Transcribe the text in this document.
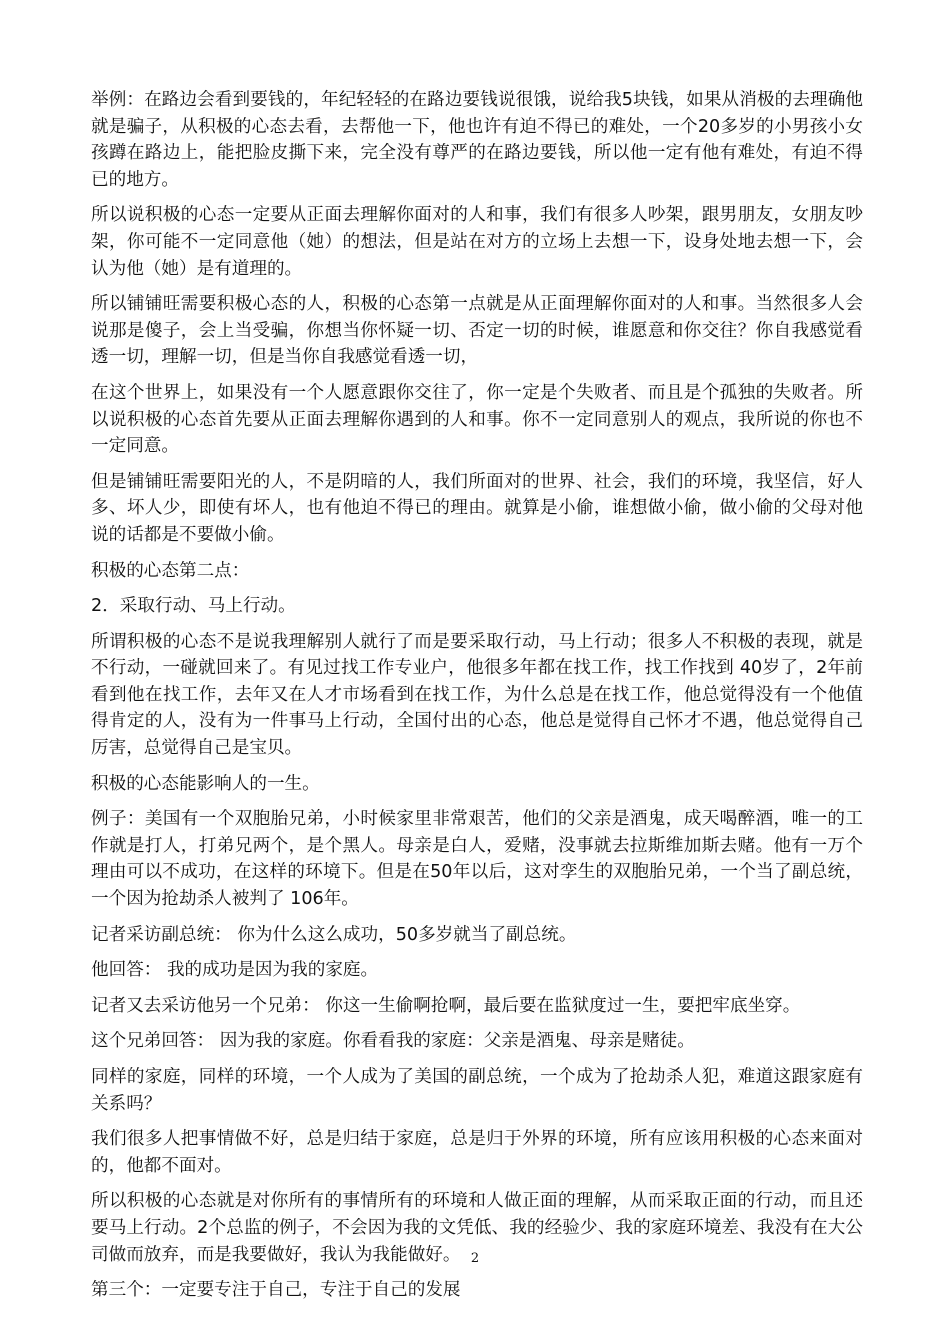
举例：在路边会看到要钱的，年纪轻轻的在路边要钱说很饿，说给我5块钱，如果从消极的去理确他就是骗子，从积极的心态去看，去帮他一下，他也许有迫不得已的难处，一个20多岁的小男孩小女孩蹲在路边上，能把脸皮撕下来，完全没有尊严的在路边要钱，所以他一定有他有难处，有迫不得已的地方。

所以说积极的心态一定要从正面去理解你面对的人和事，我们有很多人吵架，跟男朋友，女朋友吵架，你可能不一定同意他（她）的想法，但是站在对方的立场上去想一下，设身处地去想一下，会认为他（她）是有道理的。

所以铺铺旺需要积极心态的人，积极的心态第一点就是从正面理解你面对的人和事。当然很多人会说那是傻子，会上当受骗，你想当你怀疑一切、否定一切的时候，谁愿意和你交往？你自我感觉看透一切，理解一切，但是当你自我感觉看透一切，

在这个世界上，如果没有一个人愿意跟你交往了，你一定是个失败者、而且是个孤独的失败者。所以说积极的心态首先要从正面去理解你遇到的人和事。你不一定同意别人的观点，我所说的你也不一定同意。

但是铺铺旺需要阳光的人，不是阴暗的人，我们所面对的世界、社会，我们的环境，我坚信，好人多、坏人少，即使有坏人，也有他迫不得已的理由。就算是小偷，谁想做小偷，做小偷的父母对他说的话都是不要做小偷。

积极的心态第二点：

2．采取行动、马上行动。

所谓积极的心态不是说我理解别人就行了而是要采取行动，马上行动；很多人不积极的表现，就是不行动，一碰就回来了。有见过找工作专业户，他很多年都在找工作，找工作找到 40岁了，2年前看到他在找工作，去年又在人才市场看到在找工作，为什么总是在找工作，他总觉得没有一个他值得肯定的人，没有为一件事马上行动，全国付出的心态，他总是觉得自己怀才不遇，他总觉得自己厉害，总觉得自己是宝贝。

积极的心态能影响人的一生。

例子：美国有一个双胞胎兄弟，小时候家里非常艰苦，他们的父亲是酒鬼，成天喝醉酒，唯一的工作就是打人，打弟兄两个，是个黑人。母亲是白人，爱赌，没事就去拉斯维加斯去赌。他有一万个理由可以不成功，在这样的环境下。但是在50年以后，这对孪生的双胞胎兄弟，一个当了副总统，一个因为抢劫杀人被判了 106年。

记者采访副总统： 你为什么这么成功，50多岁就当了副总统。

他回答： 我的成功是因为我的家庭。

记者又去采访他另一个兄弟： 你这一生偷啊抢啊，最后要在监狱度过一生，要把牢底坐穿。

这个兄弟回答： 因为我的家庭。你看看我的家庭：父亲是酒鬼、母亲是赌徒。

同样的家庭，同样的环境，一个人成为了美国的副总统，一个成为了抢劫杀人犯，难道这跟家庭有关系吗？

我们很多人把事情做不好，总是归结于家庭，总是归于外界的环境，所有应该用积极的心态来面对的，他都不面对。

所以积极的心态就是对你所有的事情所有的环境和人做正面的理解，从而采取正面的行动，而且还要马上行动。2个总监的例子，不会因为我的文凭低、我的经验少、我的家庭环境差、我没有在大公司做而放弃，而是我要做好，我认为我能做好。

第三个：一定要专注于自己，专注于自己的发展

2
